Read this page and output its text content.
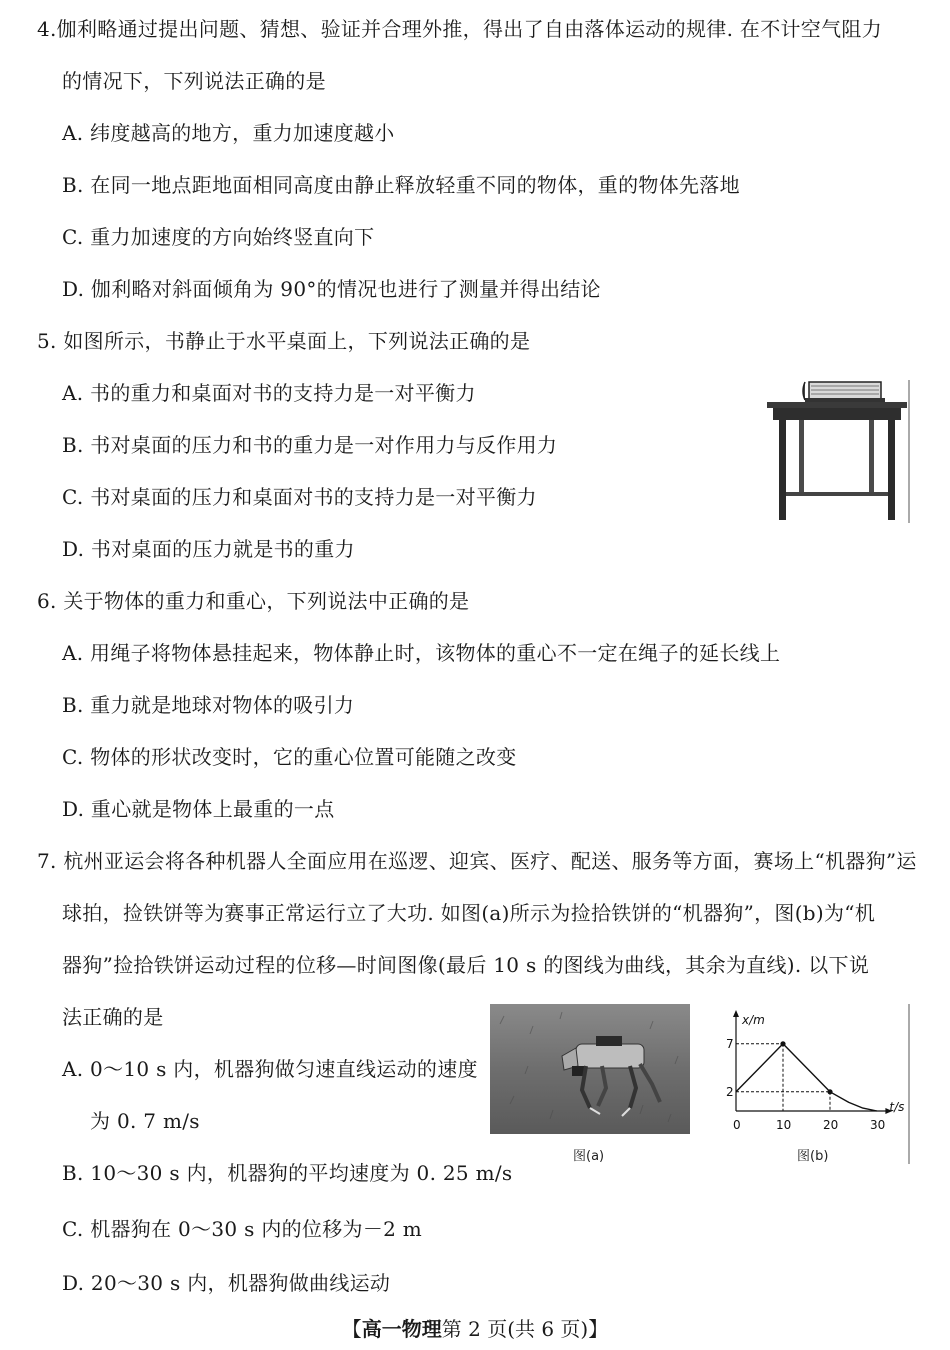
4.伽利略通过提出问题、猜想、验证并合理外推，得出了自由落体运动的规律. 在不计空气阻力
的情况下，下列说法正确的是
A. 纬度越高的地方，重力加速度越小
B. 在同一地点距地面相同高度由静止释放轻重不同的物体，重的物体先落地
C. 重力加速度的方向始终竖直向下
D. 伽利略对斜面倾角为 90°的情况也进行了测量并得出结论
5. 如图所示，书静止于水平桌面上，下列说法正确的是
A. 书的重力和桌面对书的支持力是一对平衡力
B. 书对桌面的压力和书的重力是一对作用力与反作用力
C. 书对桌面的压力和桌面对书的支持力是一对平衡力
D. 书对桌面的压力就是书的重力
6. 关于物体的重力和重心，下列说法中正确的是
A. 用绳子将物体悬挂起来，物体静止时，该物体的重心不一定在绳子的延长线上
B. 重力就是地球对物体的吸引力
C. 物体的形状改变时，它的重心位置可能随之改变
D. 重心就是物体上最重的一点
7. 杭州亚运会将各种机器人全面应用在巡逻、迎宾、医疗、配送、服务等方面，赛场上“机器狗”运
球拍，捡铁饼等为赛事正常运行立了大功. 如图(a)所示为捡拾铁饼的“机器狗”，图(b)为“机
器狗”捡拾铁饼运动过程的位移—时间图像(最后 10 s 的图线为曲线，其余为直线). 以下说
法正确的是
A. 0～10 s 内，机器狗做匀速直线运动的速度
为 0. 7 m/s
B. 10～30 s 内，机器狗的平均速度为 0. 25 m/s
C. 机器狗在 0～30 s 内的位移为－2 m
D. 20～30 s 内，机器狗做曲线运动
图(a)
x/m
t/s
0	10	20	30
2
7
图(b)
【高一物理第 2 页(共 6 页)】
